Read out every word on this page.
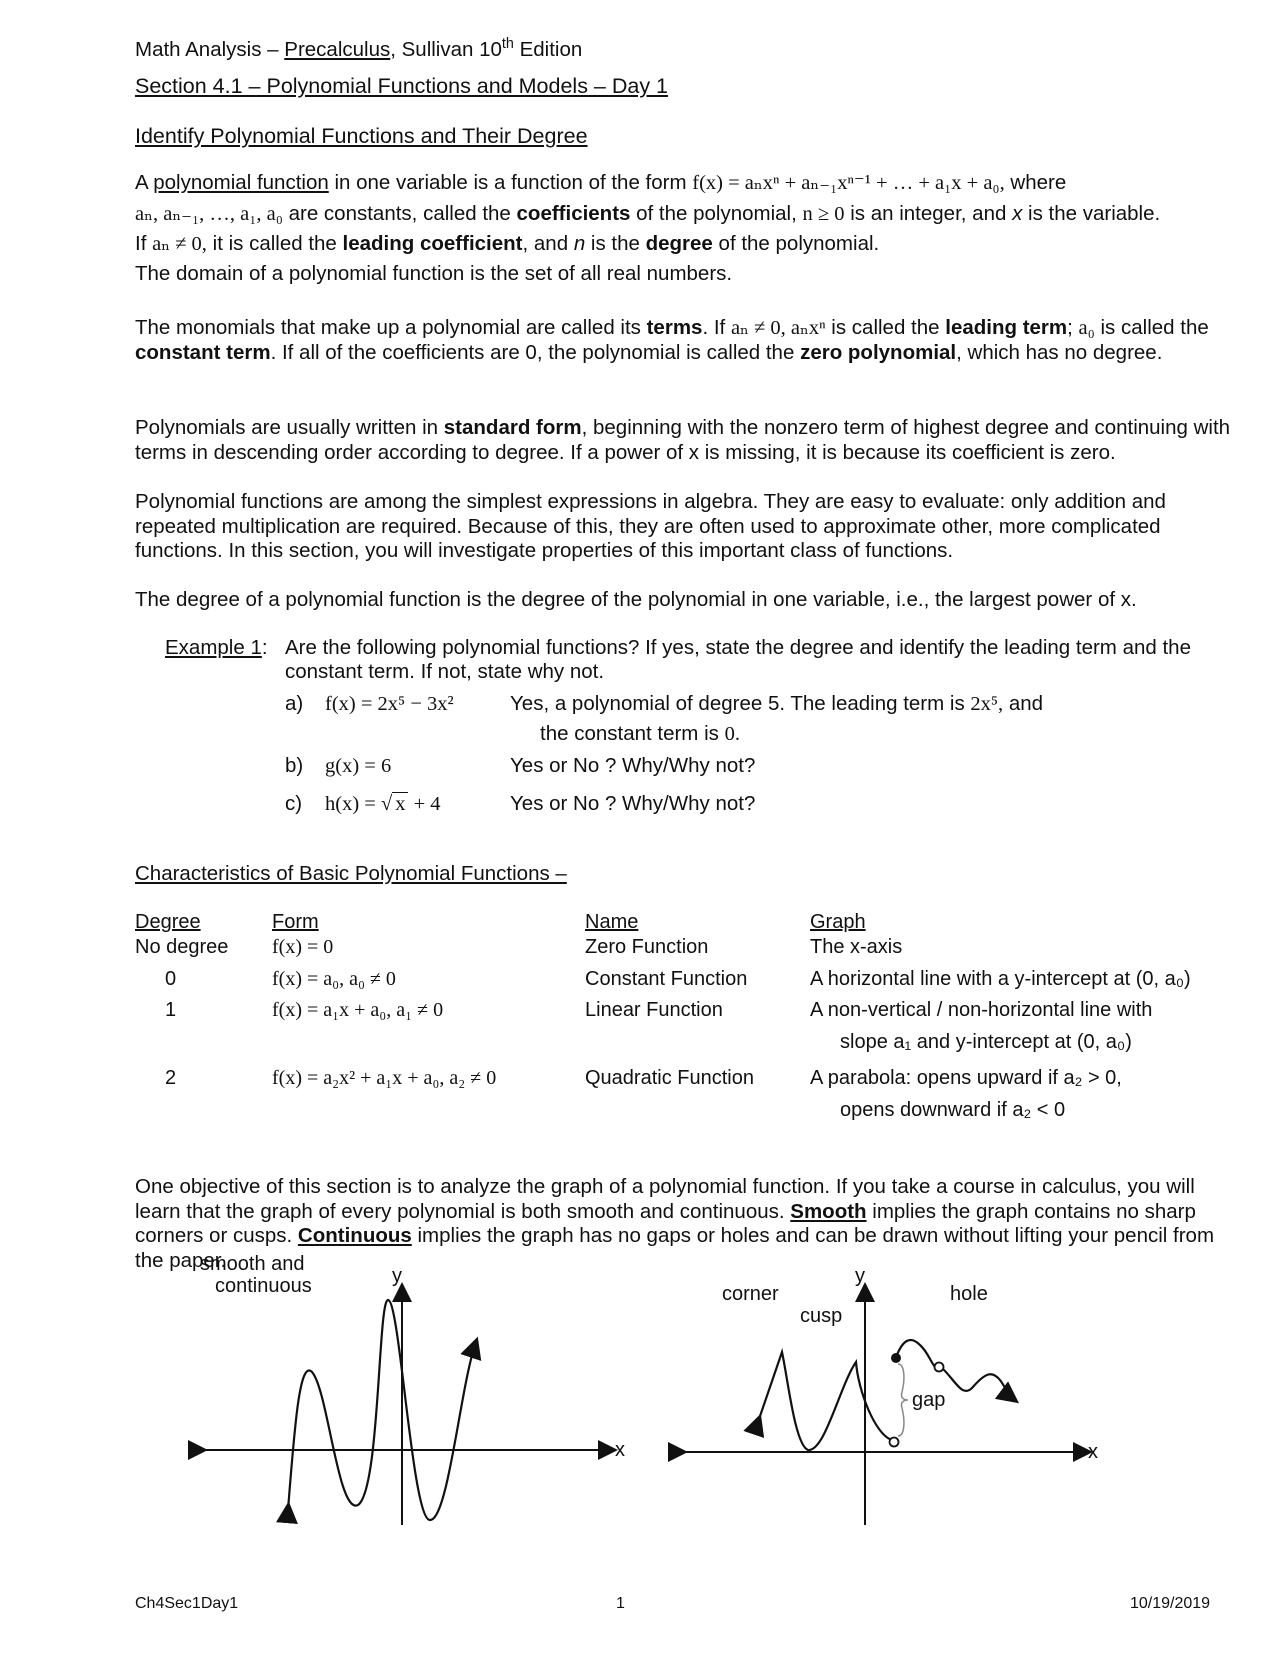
Math Analysis – Precalculus, Sullivan 10th Edition
Section 4.1 – Polynomial Functions and Models – Day 1
Identify Polynomial Functions and Their Degree
A polynomial function in one variable is a function of the form f(x) = aₙxⁿ + aₙ₋₁xⁿ⁻¹ + … + a₁x + a₀, where
aₙ, aₙ₋₁, …, a₁, a₀ are constants, called the coefficients of the polynomial, n ≥ 0 is an integer, and x is the variable.
If aₙ ≠ 0, it is called the leading coefficient, and n is the degree of the polynomial.
The domain of a polynomial function is the set of all real numbers.
The monomials that make up a polynomial are called its terms. If aₙ ≠ 0, aₙxⁿ is called the leading term; a₀ is called the constant term. If all of the coefficients are 0, the polynomial is called the zero polynomial, which has no degree.
Polynomials are usually written in standard form, beginning with the nonzero term of highest degree and continuing with terms in descending order according to degree. If a power of x is missing, it is because its coefficient is zero.
Polynomial functions are among the simplest expressions in algebra. They are easy to evaluate: only addition and repeated multiplication are required. Because of this, they are often used to approximate other, more complicated functions. In this section, you will investigate properties of this important class of functions.
The degree of a polynomial function is the degree of the polynomial in one variable, i.e., the largest power of x.
Example 1: Are the following polynomial functions? If yes, state the degree and identify the leading term and the
constant term. If not, state why not.
a) f(x) = 2x⁵ − 3x²	Yes, a polynomial of degree 5. The leading term is 2x⁵, and
the constant term is 0.
b) g(x) = 6	Yes or No ? Why/Why not?
c) h(x) = √ x + 4	Yes or No ? Why/Why not?
Characteristics of Basic Polynomial Functions –
Degree	Form	Name	Graph
No degree f(x) = 0	Zero Function	The x-axis
0	f(x) = a₀, a₀ ≠ 0	Constant Function	A horizontal line with a y-intercept at (0, a₀)
1	f(x) = a₁x + a₀, a₁ ≠ 0	Linear Function	A non-vertical / non-horizontal line with
slope a₁ and y-intercept at (0, a₀)
2	f(x) = a₂x² + a₁x + a₀, a₂ ≠ 0	Quadratic Function	A parabola: opens upward if a₂ > 0,
opens downward if a₂ < 0
One objective of this section is to analyze the graph of a polynomial function. If you take a course in calculus, you will learn that the graph of every polynomial is both smooth and continuous. Smooth implies the graph contains no sharp corners or cusps. Continuous implies the graph has no gaps or holes and can be drawn without lifting your pencil from the paper.
smooth and
continuous	y
x
corner
cusp
hole
gap
y
x
Ch4Sec1Day1	1	10/19/2019
